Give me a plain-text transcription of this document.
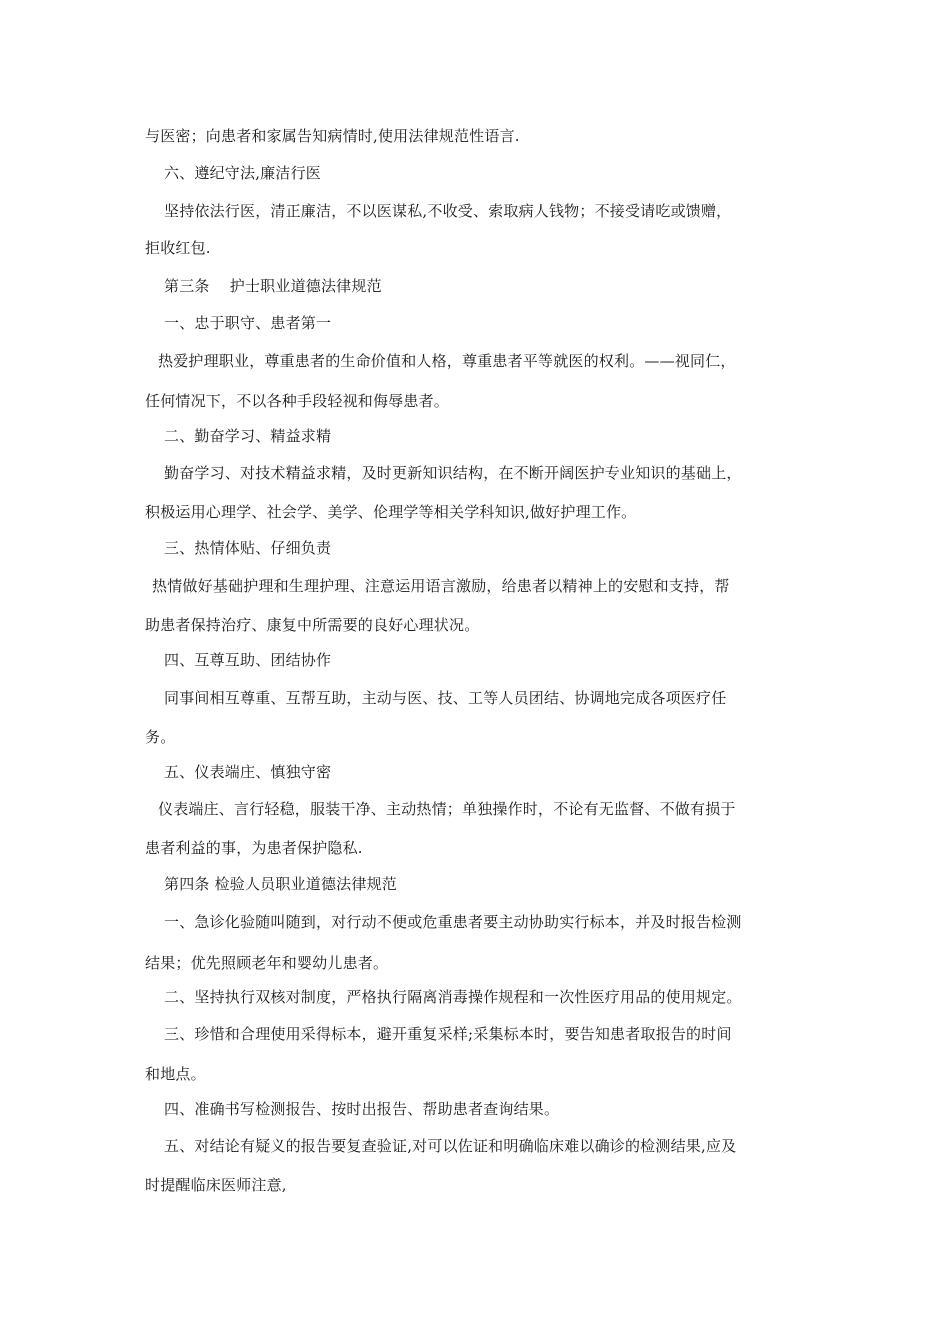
与医密；向患者和家属告知病情时,使用法律规范性语言.
六、遵纪守法,廉洁行医
坚持依法行医，清正廉洁，不以医谋私,不收受、索取病人钱物；不接受请吃或馈赠，
拒收红包.
第三条　 护士职业道德法律规范
一、忠于职守、患者第一
热爱护理职业，尊重患者的生命价值和人格，尊重患者平等就医的权利。——视同仁，
任何情况下，不以各种手段轻视和侮辱患者。
二、勤奋学习、精益求精
勤奋学习、对技术精益求精，及时更新知识结构，在不断开阔医护专业知识的基础上，
积极运用心理学、社会学、美学、伦理学等相关学科知识,做好护理工作。
三、热情体贴、仔细负责
热情做好基础护理和生理护理、注意运用语言激励，给患者以精神上的安慰和支持，帮
助患者保持治疗、康复中所需要的良好心理状况。
四、互尊互助、团结协作
同事间相互尊重、互帮互助，主动与医、技、工等人员团结、协调地完成各项医疗任
务。
五、仪表端庄、慎独守密
仪表端庄、言行轻稳，服装干净、主动热情；单独操作时，不论有无监督、不做有损于
患者利益的事，为患者保护隐私.
第四条 检验人员职业道德法律规范
一、急诊化验随叫随到，对行动不便或危重患者要主动协助实行标本，并及时报告检测
结果；优先照顾老年和婴幼儿患者。
二、坚持执行双核对制度，严格执行隔离消毒操作规程和一次性医疗用品的使用规定。
三、珍惜和合理使用采得标本，避开重复采样;采集标本时，要告知患者取报告的时间
和地点。
四、准确书写检测报告、按时出报告、帮助患者查询结果。
五、对结论有疑义的报告要复查验证,对可以佐证和明确临床难以确诊的检测结果,应及
时提醒临床医师注意,
